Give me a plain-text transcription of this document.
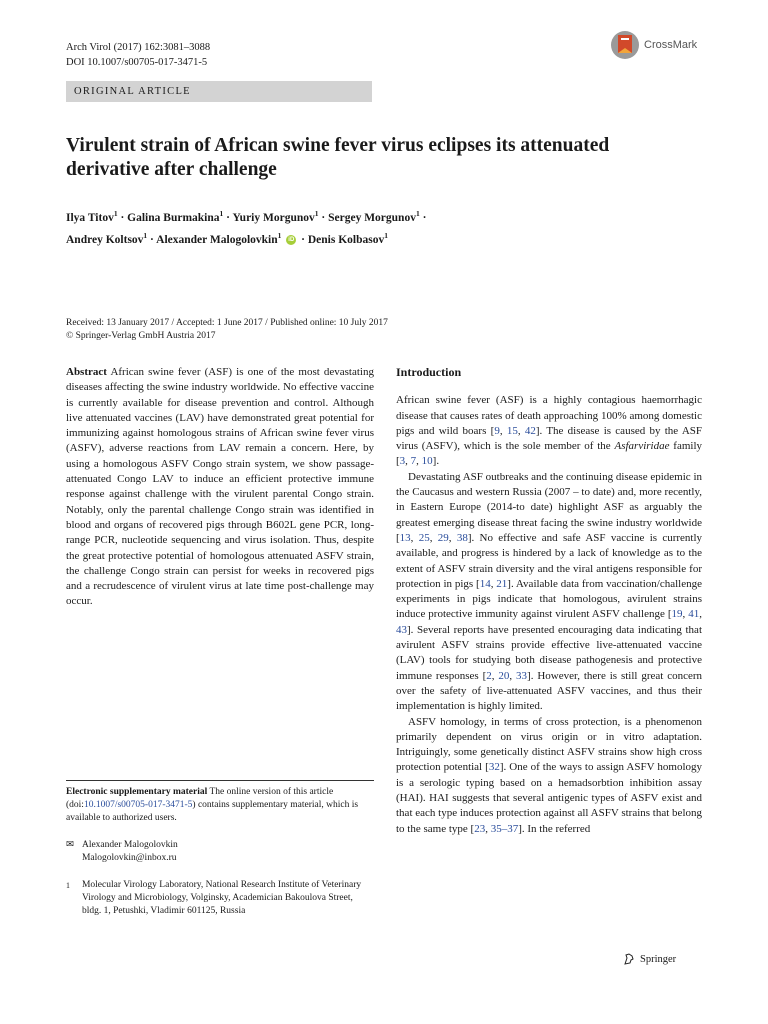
Arch Virol (2017) 162:3081–3088
DOI 10.1007/s00705-017-3471-5
CrossMark
ORIGINAL ARTICLE
Virulent strain of African swine fever virus eclipses its attenuated derivative after challenge
Ilya Titov$^1$ · Galina Burmakina$^1$ · Yuriy Morgunov$^1$ · Sergey Morgunov$^1$ ·
Andrey Koltsov$^1$ · Alexander Malogolovkin$^1$ iD · Denis Kolbasov$^1$
Received: 13 January 2017 / Accepted: 1 June 2017 / Published online: 10 July 2017
© Springer-Verlag GmbH Austria 2017
Abstract African swine fever (ASF) is one of the most devastating diseases affecting the swine industry worldwide. No effective vaccine is currently available for disease prevention and control. Although live attenuated vaccines (LAV) have demonstrated great potential for immunizing against homologous strains of African swine fever virus (ASFV), adverse reactions from LAV remain a concern. Here, by using a homologous ASFV Congo strain system, we show passage-attenuated Congo LAV to induce an efficient protective immune response against challenge with the virulent parental Congo strain. Notably, only the parental challenge Congo strain was identified in blood and organs of recovered pigs through B602L gene PCR, long-range PCR, nucleotide sequencing and virus isolation. Thus, despite the great protective potential of homologous attenuated ASFV strain, the challenge Congo strain can persist for weeks in recovered pigs and a recrudescence of virulent virus at late time post-challenge may occur.
Electronic supplementary material The online version of this article (doi:10.1007/s00705-017-3471-5) contains supplementary material, which is available to authorized users.
✉ Alexander Malogolovkin
Malogolovkin@inbox.ru
1 Molecular Virology Laboratory, National Research Institute of Veterinary Virology and Microbiology, Volginsky, Academician Bakoulova Street, bldg. 1, Petushki, Vladimir 601125, Russia
Introduction

African swine fever (ASF) is a highly contagious haemorrhagic disease that causes rates of death approaching 100% among domestic pigs and wild boars [9, 15, 42]. The disease is caused by the ASF virus (ASFV), which is the sole member of the Asfarviridae family [3, 7, 10].

Devastating ASF outbreaks and the continuing disease epidemic in the Caucasus and western Russia (2007 – to date) and, more recently, in Eastern Europe (2014-to date) highlight ASF as arguably the greatest emerging disease threat facing the swine industry worldwide [13, 25, 29, 38]. No effective and safe ASF vaccine is currently available, and progress is hindered by a lack of knowledge as to the extent of ASFV strain diversity and the viral antigens responsible for protection in pigs [14, 21]. Available data from vaccination/challenge experiments in pigs indicate that homologous, avirulent strains induce protective immunity against virulent ASFV challenge [19, 41, 43]. Several reports have presented encouraging data indicating that avirulent ASFV strains provide effective live-attenuated vaccine (LAV) tools for studying both disease pathogenesis and protective immune responses [2, 20, 33]. However, there is still great concern over the safety of live-attenuated ASFV vaccines, and thus their implementation is highly limited.

ASFV homology, in terms of cross protection, is a phenomenon primarily dependent on virus origin or in vitro adaptation. Intriguingly, some genetically distinct ASFV strains show high cross protection potential [32]. One of the ways to assign ASFV homology is a serologic typing based on a hemadsorbtion inhibition assay (HAI). HAI suggests that several antigenic types of ASFV exist and that each type induces protection against all ASFV strains that belong to the same type [23, 35–37]. In the referred

Springer
